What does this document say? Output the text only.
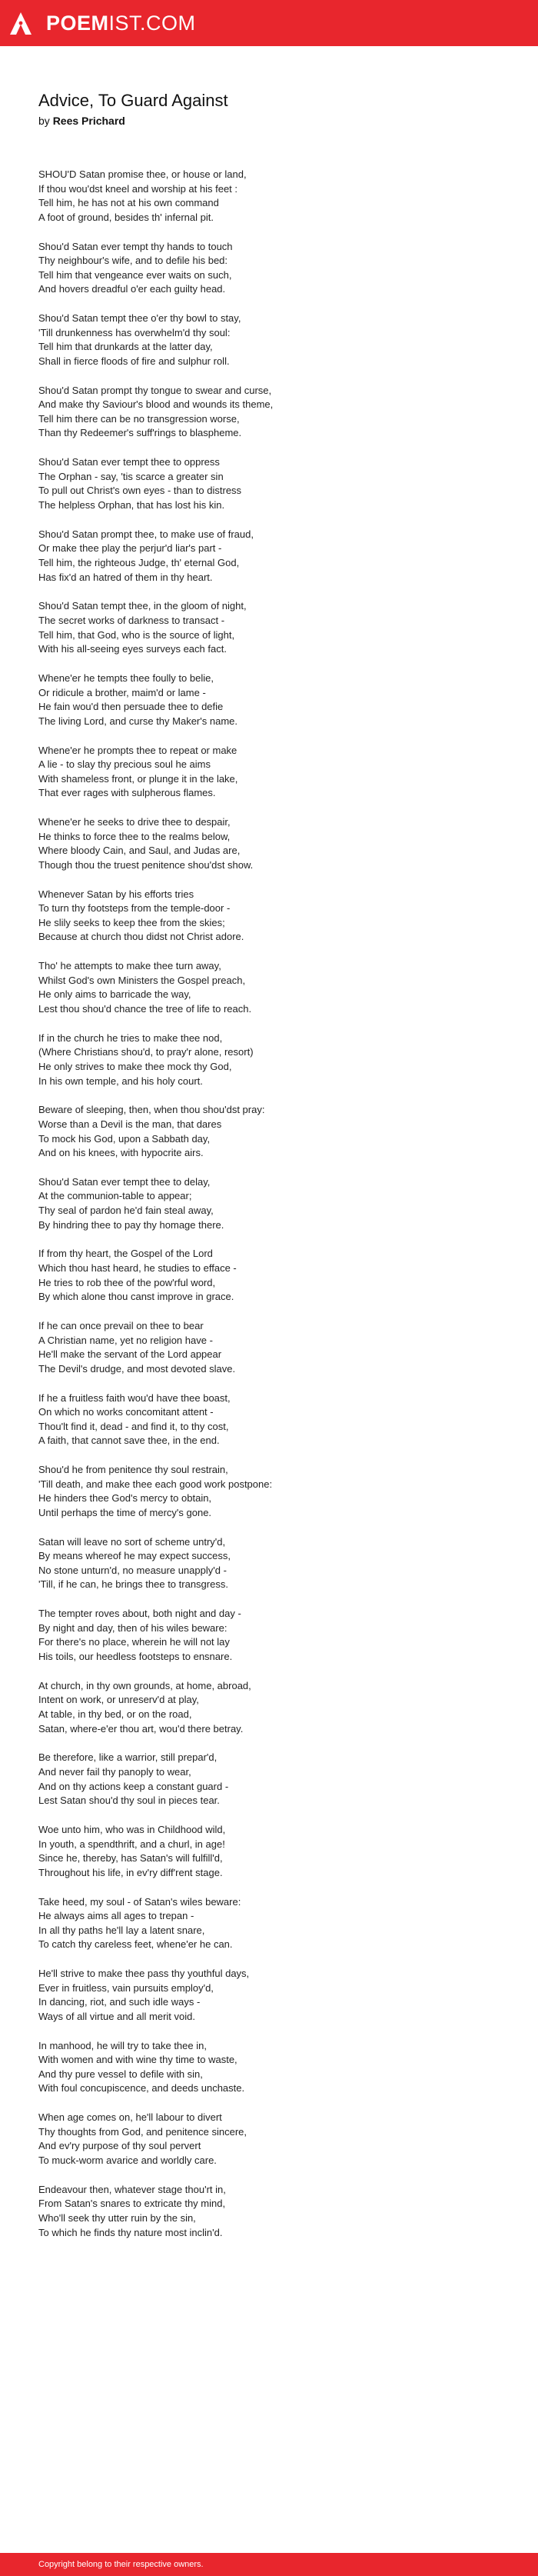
POEMIST.COM
Advice, To Guard Against
by Rees Prichard
SHOU'D Satan promise thee, or house or land,
If thou wou'dst kneel and worship at his feet :
Tell him, he has not at his own command
A foot of ground, besides th' infernal pit.
Shou'd Satan ever tempt thy hands to touch
Thy neighbour's wife, and to defile his bed:
Tell him that vengeance ever waits on such,
And hovers dreadful o'er each guilty head.
Shou'd Satan tempt thee o'er thy bowl to stay,
'Till drunkenness has overwhelm'd thy soul:
Tell him that drunkards at the latter day,
Shall in fierce floods of fire and sulphur roll.
Shou'd Satan prompt thy tongue to swear and curse,
And make thy Saviour's blood and wounds its theme,
Tell him there can be no transgression worse,
Than thy Redeemer's suff'rings to blaspheme.
Shou'd Satan ever tempt thee to oppress
The Orphan - say, 'tis scarce a greater sin
To pull out Christ's own eyes - than to distress
The helpless Orphan, that has lost his kin.
Shou'd Satan prompt thee, to make use of fraud,
Or make thee play the perjur'd liar's part -
Tell him, the righteous Judge, th' eternal God,
Has fix'd an hatred of them in thy heart.
Shou'd Satan tempt thee, in the gloom of night,
The secret works of darkness to transact -
Tell him, that God, who is the source of light,
With his all-seeing eyes surveys each fact.
Whene'er he tempts thee foully to belie,
Or ridicule a brother, maim'd or lame -
He fain wou'd then persuade thee to defie
The living Lord, and curse thy Maker's name.
Whene'er he prompts thee to repeat or make
A lie - to slay thy precious soul he aims
With shameless front, or plunge it in the lake,
That ever rages with sulpherous flames.
Whene'er he seeks to drive thee to despair,
He thinks to force thee to the realms below,
Where bloody Cain, and Saul, and Judas are,
Though thou the truest penitence shou'dst show.
Whenever Satan by his efforts tries
To turn thy footsteps from the temple-door -
He slily seeks to keep thee from the skies;
Because at church thou didst not Christ adore.
Tho' he attempts to make thee turn away,
Whilst God's own Ministers the Gospel preach,
He only aims to barricade the way,
Lest thou shou'd chance the tree of life to reach.
If in the church he tries to make thee nod,
(Where Christians shou'd, to pray'r alone, resort)
He only strives to make thee mock thy God,
In his own temple, and his holy court.
Beware of sleeping, then, when thou shou'dst pray:
Worse than a Devil is the man, that dares
To mock his God, upon a Sabbath day,
And on his knees, with hypocrite airs.
Shou'd Satan ever tempt thee to delay,
At the communion-table to appear;
Thy seal of pardon he'd fain steal away,
By hindring thee to pay thy homage there.
If from thy heart, the Gospel of the Lord
Which thou hast heard, he studies to efface -
He tries to rob thee of the pow'rful word,
By which alone thou canst improve in grace.
If he can once prevail on thee to bear
A Christian name, yet no religion have -
He'll make the servant of the Lord appear
The Devil's drudge, and most devoted slave.
If he a fruitless faith wou'd have thee boast,
On which no works concomitant attent -
Thou'lt find it, dead - and find it, to thy cost,
A faith, that cannot save thee, in the end.
Shou'd he from penitence thy soul restrain,
'Till death, and make thee each good work postpone:
He hinders thee God's mercy to obtain,
Until perhaps the time of mercy's gone.
Satan will leave no sort of scheme untry'd,
By means whereof he may expect success,
No stone unturn'd, no measure unapply'd -
'Till, if he can, he brings thee to transgress.
The tempter roves about, both night and day -
By night and day, then of his wiles beware:
For there's no place, wherein he will not lay
His toils, our heedless footsteps to ensnare.
At church, in thy own grounds, at home, abroad,
Intent on work, or unreserv'd at play,
At table, in thy bed, or on the road,
Satan, where-e'er thou art, wou'd there betray.
Be therefore, like a warrior, still prepar'd,
And never fail thy panoply to wear,
And on thy actions keep a constant guard -
Lest Satan shou'd thy soul in pieces tear.
Woe unto him, who was in Childhood wild,
In youth, a spendthrift, and a churl, in age!
Since he, thereby, has Satan's will fulfill'd,
Throughout his life, in ev'ry diff'rent stage.
Take heed, my soul - of Satan's wiles beware:
He always aims all ages to trepan -
In all thy paths he'll lay a latent snare,
To catch thy careless feet, whene'er he can.
He'll strive to make thee pass thy youthful days,
Ever in fruitless, vain pursuits employ'd,
In dancing, riot, and such idle ways -
Ways of all virtue and all merit void.
In manhood, he will try to take thee in,
With women and with wine thy time to waste,
And thy pure vessel to defile with sin,
With foul concupiscence, and deeds unchaste.
When age comes on, he'll labour to divert
Thy thoughts from God, and penitence sincere,
And ev'ry purpose of thy soul pervert
To muck-worm avarice and worldly care.
Endeavour then, whatever stage thou'rt in,
From Satan's snares to extricate thy mind,
Who'll seek thy utter ruin by the sin,
To which he finds thy nature most inclin'd.
Copyright belong to their respective owners.
